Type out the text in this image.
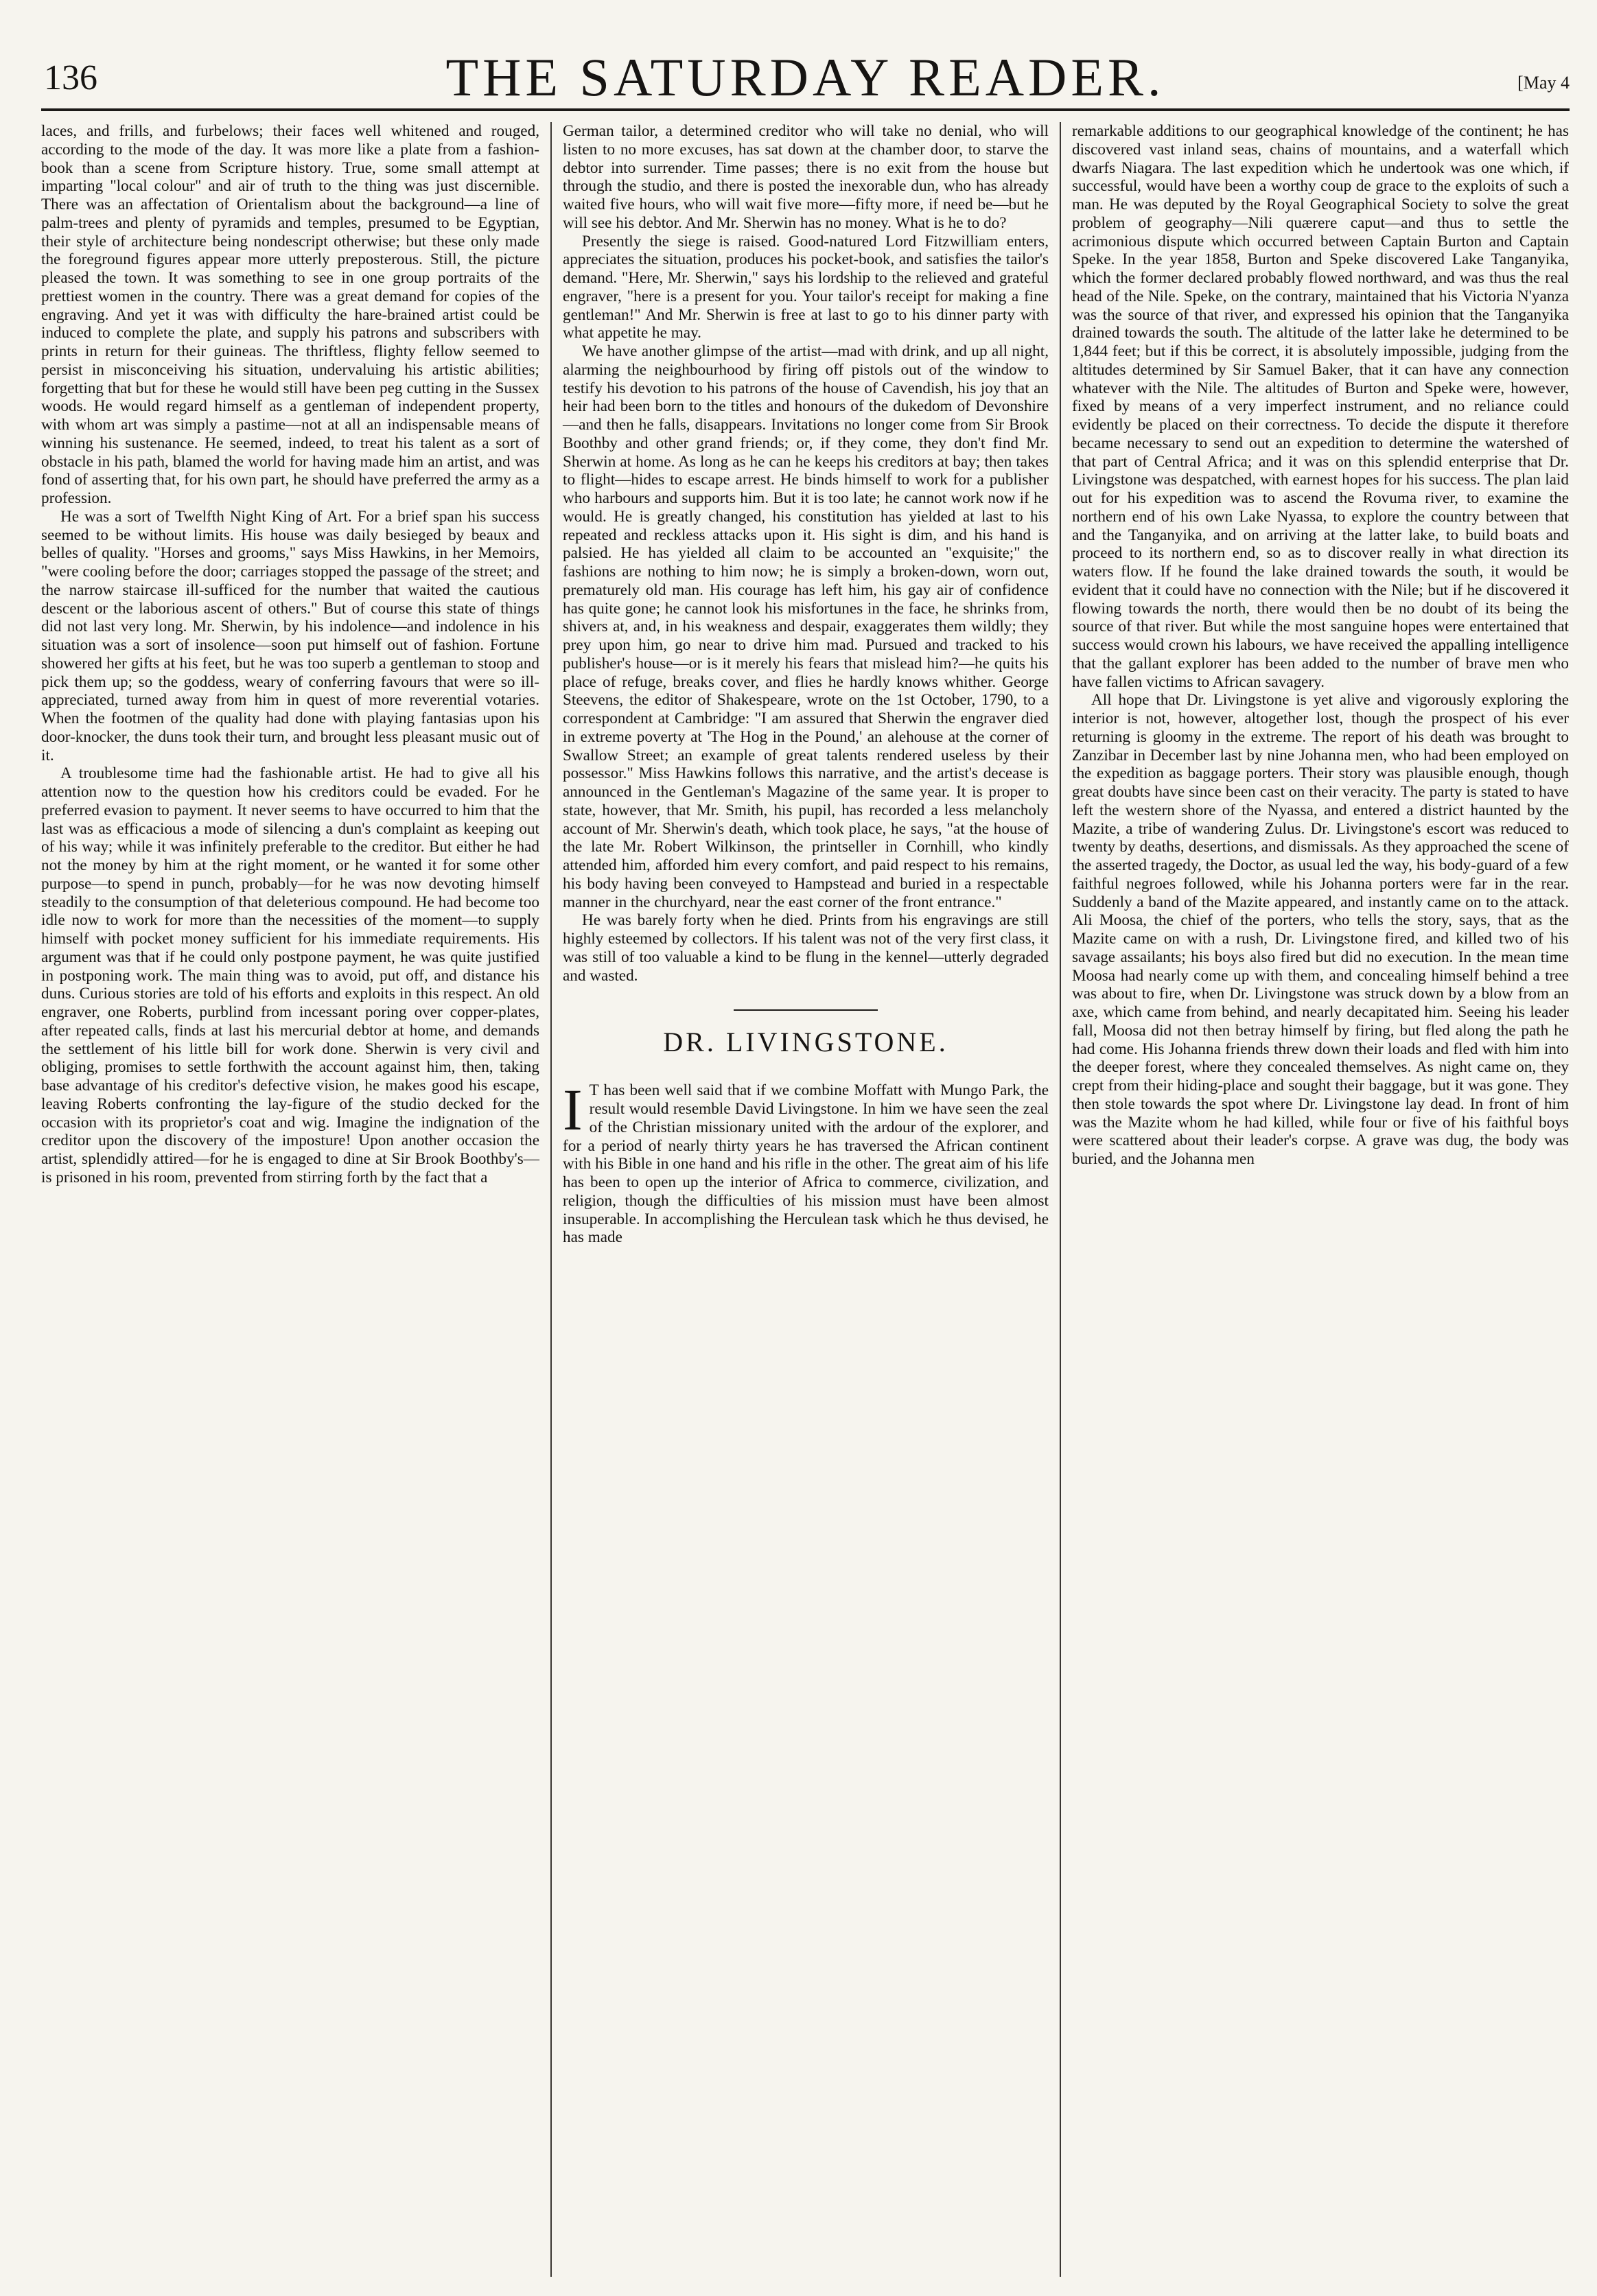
136	THE SATURDAY READER.	[May 4

laces, and frills, and furbelows; their faces well whitened and rouged, according to the mode of the day. It was more like a plate from a fashion-book than a scene from Scripture history. True, some small attempt at imparting "local colour" and air of truth to the thing was just discernible. There was an affectation of Orientalism about the background—a line of palm-trees and plenty of pyramids and temples, presumed to be Egyptian, their style of architecture being nondescript otherwise; but these only made the foreground figures appear more utterly preposterous. Still, the picture pleased the town. It was something to see in one group portraits of the prettiest women in the country. There was a great demand for copies of the engraving. And yet it was with difficulty the hare-brained artist could be induced to complete the plate, and supply his patrons and subscribers with prints in return for their guineas. The thriftless, flighty fellow seemed to persist in misconceiving his situation, undervaluing his artistic abilities; forgetting that but for these he would still have been peg cutting in the Sussex woods. He would regard himself as a gentleman of independent property, with whom art was simply a pastime—not at all an indispensable means of winning his sustenance. He seemed, indeed, to treat his talent as a sort of obstacle in his path, blamed the world for having made him an artist, and was fond of asserting that, for his own part, he should have preferred the army as a profession.

He was a sort of Twelfth Night King of Art. For a brief span his success seemed to be without limits. His house was daily besieged by beaux and belles of quality. "Horses and grooms," says Miss Hawkins, in her Memoirs, "were cooling before the door; carriages stopped the passage of the street; and the narrow staircase ill-sufficed for the number that waited the cautious descent or the laborious ascent of others." But of course this state of things did not last very long. Mr. Sherwin, by his indolence—and indolence in his situation was a sort of insolence—soon put himself out of fashion. Fortune showered her gifts at his feet, but he was too superb a gentleman to stoop and pick them up; so the goddess, weary of conferring favours that were so ill-appreciated, turned away from him in quest of more reverential votaries. When the footmen of the quality had done with playing fantasias upon his door-knocker, the duns took their turn, and brought less pleasant music out of it.

A troublesome time had the fashionable artist. He had to give all his attention now to the question how his creditors could be evaded. For he preferred evasion to payment. It never seems to have occurred to him that the last was as efficacious a mode of silencing a dun's complaint as keeping out of his way; while it was infinitely preferable to the creditor. But either he had not the money by him at the right moment, or he wanted it for some other purpose—to spend in punch, probably—for he was now devoting himself steadily to the consumption of that deleterious compound. He had become too idle now to work for more than the necessities of the moment—to supply himself with pocket money sufficient for his immediate requirements. His argument was that if he could only postpone payment, he was quite justified in postponing work. The main thing was to avoid, put off, and distance his duns. Curious stories are told of his efforts and exploits in this respect. An old engraver, one Roberts, purblind from incessant poring over copper-plates, after repeated calls, finds at last his mercurial debtor at home, and demands the settlement of his little bill for work done. Sherwin is very civil and obliging, promises to settle forthwith the account against him, then, taking base advantage of his creditor's defective vision, he makes good his escape, leaving Roberts confronting the lay-figure of the studio decked for the occasion with its proprietor's coat and wig. Imagine the indignation of the creditor upon the discovery of the imposture! Upon another occasion the artist, splendidly attired—for he is engaged to dine at Sir Brook Boothby's—is prisoned in his room, prevented from stirring forth by the fact that a

German tailor, a determined creditor who will take no denial, who will listen to no more excuses, has sat down at the chamber door, to starve the debtor into surrender. Time passes; there is no exit from the house but through the studio, and there is posted the inexorable dun, who has already waited five hours, who will wait five more—fifty more, if need be—but he will see his debtor. And Mr. Sherwin has no money. What is he to do?

Presently the siege is raised. Good-natured Lord Fitzwilliam enters, appreciates the situation, produces his pocket-book, and satisfies the tailor's demand. "Here, Mr. Sherwin," says his lordship to the relieved and grateful engraver, "here is a present for you. Your tailor's receipt for making a fine gentleman!" And Mr. Sherwin is free at last to go to his dinner party with what appetite he may.

We have another glimpse of the artist—mad with drink, and up all night, alarming the neighbourhood by firing off pistols out of the window to testify his devotion to his patrons of the house of Cavendish, his joy that an heir had been born to the titles and honours of the dukedom of Devonshire—and then he falls, disappears. Invitations no longer come from Sir Brook Boothby and other grand friends; or, if they come, they don't find Mr. Sherwin at home. As long as he can he keeps his creditors at bay; then takes to flight—hides to escape arrest. He binds himself to work for a publisher who harbours and supports him. But it is too late; he cannot work now if he would. He is greatly changed, his constitution has yielded at last to his repeated and reckless attacks upon it. His sight is dim, and his hand is palsied. He has yielded all claim to be accounted an "exquisite;" the fashions are nothing to him now; he is simply a broken-down, worn out, prematurely old man. His courage has left him, his gay air of confidence has quite gone; he cannot look his misfortunes in the face, he shrinks from, shivers at, and, in his weakness and despair, exaggerates them wildly; they prey upon him, go near to drive him mad. Pursued and tracked to his publisher's house—or is it merely his fears that mislead him?—he quits his place of refuge, breaks cover, and flies he hardly knows whither. George Steevens, the editor of Shakespeare, wrote on the 1st October, 1790, to a correspondent at Cambridge: "I am assured that Sherwin the engraver died in extreme poverty at 'The Hog in the Pound,' an alehouse at the corner of Swallow Street; an example of great talents rendered useless by their possessor." Miss Hawkins follows this narrative, and the artist's decease is announced in the Gentleman's Magazine of the same year. It is proper to state, however, that Mr. Smith, his pupil, has recorded a less melancholy account of Mr. Sherwin's death, which took place, he says, "at the house of the late Mr. Robert Wilkinson, the printseller in Cornhill, who kindly attended him, afforded him every comfort, and paid respect to his remains, his body having been conveyed to Hampstead and buried in a respectable manner in the churchyard, near the east corner of the front entrance."

He was barely forty when he died. Prints from his engravings are still highly esteemed by collectors. If his talent was not of the very first class, it was still of too valuable a kind to be flung in the kennel—utterly degraded and wasted.

DR. LIVINGSTONE.

I T has been well said that if we combine Moffatt with Mungo Park, the result would resemble David Livingstone. In him we have seen the zeal of the Christian missionary united with the ardour of the explorer, and for a period of nearly thirty years he has traversed the African continent with his Bible in one hand and his rifle in the other. The great aim of his life has been to open up the interior of Africa to commerce, civilization, and religion, though the difficulties of his mission must have been almost insuperable. In accomplishing the Herculean task which he thus devised, he has made

remarkable additions to our geographical knowledge of the continent; he has discovered vast inland seas, chains of mountains, and a waterfall which dwarfs Niagara. The last expedition which he undertook was one which, if successful, would have been a worthy coup de grace to the exploits of such a man. He was deputed by the Royal Geographical Society to solve the great problem of geography—Nili quærere caput—and thus to settle the acrimonious dispute which occurred between Captain Burton and Captain Speke. In the year 1858, Burton and Speke discovered Lake Tanganyika, which the former declared probably flowed northward, and was thus the real head of the Nile. Speke, on the contrary, maintained that his Victoria N'yanza was the source of that river, and expressed his opinion that the Tanganyika drained towards the south. The altitude of the latter lake he determined to be 1,844 feet; but if this be correct, it is absolutely impossible, judging from the altitudes determined by Sir Samuel Baker, that it can have any connection whatever with the Nile. The altitudes of Burton and Speke were, however, fixed by means of a very imperfect instrument, and no reliance could evidently be placed on their correctness. To decide the dispute it therefore became necessary to send out an expedition to determine the watershed of that part of Central Africa; and it was on this splendid enterprise that Dr. Livingstone was despatched, with earnest hopes for his success. The plan laid out for his expedition was to ascend the Rovuma river, to examine the northern end of his own Lake Nyassa, to explore the country between that and the Tanganyika, and on arriving at the latter lake, to build boats and proceed to its northern end, so as to discover really in what direction its waters flow. If he found the lake drained towards the south, it would be evident that it could have no connection with the Nile; but if he discovered it flowing towards the north, there would then be no doubt of its being the source of that river. But while the most sanguine hopes were entertained that success would crown his labours, we have received the appalling intelligence that the gallant explorer has been added to the number of brave men who have fallen victims to African savagery.

All hope that Dr. Livingstone is yet alive and vigorously exploring the interior is not, however, altogether lost, though the prospect of his ever returning is gloomy in the extreme. The report of his death was brought to Zanzibar in December last by nine Johanna men, who had been employed on the expedition as baggage porters. Their story was plausible enough, though great doubts have since been cast on their veracity. The party is stated to have left the western shore of the Nyassa, and entered a district haunted by the Mazite, a tribe of wandering Zulus. Dr. Livingstone's escort was reduced to twenty by deaths, desertions, and dismissals. As they approached the scene of the asserted tragedy, the Doctor, as usual led the way, his body-guard of a few faithful negroes followed, while his Johanna porters were far in the rear. Suddenly a band of the Mazite appeared, and instantly came on to the attack. Ali Moosa, the chief of the porters, who tells the story, says, that as the Mazite came on with a rush, Dr. Livingstone fired, and killed two of his savage assailants; his boys also fired but did no execution. In the mean time Moosa had nearly come up with them, and concealing himself behind a tree was about to fire, when Dr. Livingstone was struck down by a blow from an axe, which came from behind, and nearly decapitated him. Seeing his leader fall, Moosa did not then betray himself by firing, but fled along the path he had come. His Johanna friends threw down their loads and fled with him into the deeper forest, where they concealed themselves. As night came on, they crept from their hiding-place and sought their baggage, but it was gone. They then stole towards the spot where Dr. Livingstone lay dead. In front of him was the Mazite whom he had killed, while four or five of his faithful boys were scattered about their leader's corpse. A grave was dug, the body was buried, and the Johanna men
